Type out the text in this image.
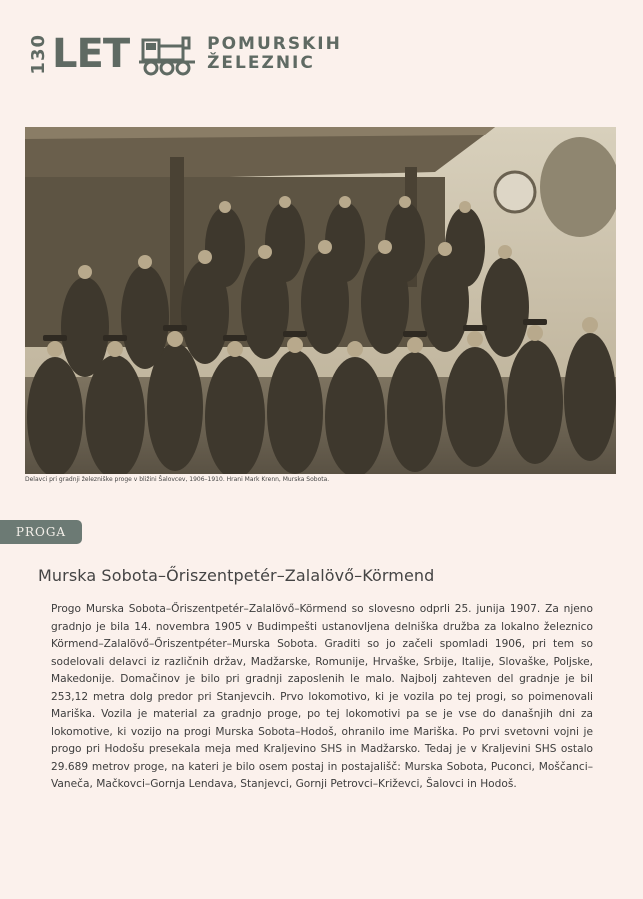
130 LET	POMURSKIH
ŽELEZNIC
Delavci pri gradnji železniške proge v bližini Šalovcev, 1906–1910. Hrani Mark Krenn, Murska Sobota.
PROGA
Murska Sobota–Őriszentpetér–Zalalövő–Körmend

Progo Murska Sobota–Őriszentpetér–Zalalövő–Körmend so slovesno odprli 25. junija 1907. Za njeno gradnjo je bila 14. novembra 1905 v Budimpešti ustanovljena delniška družba za lokalno železnico Körmend–Zalalövő–Őriszentpéter–Murska Sobota. Graditi so jo začeli spomladi 1906, pri tem so sodelovali delavci iz različnih držav, Madžarske, Romunije, Hrvaške, Srbije, Italije, Slovaške, Poljske, Makedonije. Domačinov je bilo pri gradnji zaposlenih le malo. Najbolj zahteven del gradnje je bil 253,12 metra dolg predor pri Stanjevcih. Prvo lokomotivo, ki je vozila po tej progi, so poimenovali Mariška. Vozila je material za gradnjo proge, po tej lokomotivi pa se je vse do današnjih dni za lokomotive, ki vozijo na progi Murska Sobota–Hodoš, ohranilo ime Mariška. Po prvi svetovni vojni je progo pri Hodošu presekala meja med Kraljevino SHS in Madžarsko. Tedaj je v Kraljevini SHS ostalo 29.689 metrov proge, na kateri je bilo osem postaj in postajališč: Murska Sobota, Puconci, Moščanci–Vaneča, Mačkovci–Gornja Lendava, Stanjevci, Gornji Petrovci–Križevci, Šalovci in Hodoš.
